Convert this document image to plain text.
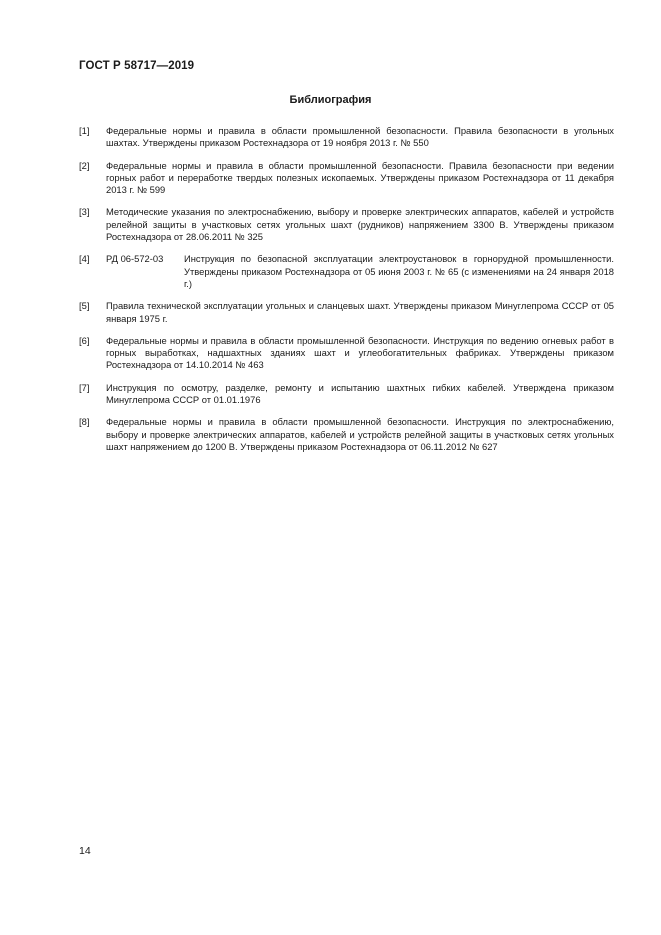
ГОСТ Р 58717—2019
Библиография
[1]	Федеральные нормы и правила в области промышленной безопасности. Правила безопасности в угольных шахтах. Утверждены приказом Ростехнадзора от 19 ноября 2013 г. № 550
[2]	Федеральные нормы и правила в области промышленной безопасности. Правила безопасности при ведении горных работ и переработке твердых полезных ископаемых. Утверждены приказом Ростехнадзора от 11 декабря 2013 г. № 599
[3]	Методические указания по электроснабжению, выбору и проверке электрических аппаратов, кабелей и устройств релейной защиты в участковых сетях угольных шахт (рудников) напряжением 3300 В. Утверждены приказом Ростехнадзора от 28.06.2011 № 325
[4]	РД 06-572-03	Инструкция по безопасной эксплуатации электроустановок в горнорудной промышленности. Утверждены приказом Ростехнадзора от 05 июня 2003 г. № 65 (с изменениями на 24 января 2018 г.)
[5]	Правила технической эксплуатации угольных и сланцевых шахт. Утверждены приказом Минуглепрома СССР от 05 января 1975 г.
[6]	Федеральные нормы и правила в области промышленной безопасности. Инструкция по ведению огневых работ в горных выработках, надшахтных зданиях шахт и углеобогатительных фабриках. Утверждены приказом Ростехнадзора от 14.10.2014 № 463
[7]	Инструкция по осмотру, разделке, ремонту и испытанию шахтных гибких кабелей. Утверждена приказом Минуглепрома СССР от 01.01.1976
[8]	Федеральные нормы и правила в области промышленной безопасности. Инструкция по электроснабжению, выбору и проверке электрических аппаратов, кабелей и устройств релейной защиты в участковых сетях угольных шахт напряжением до 1200 В. Утверждены приказом Ростехнадзора от 06.11.2012 № 627
14
